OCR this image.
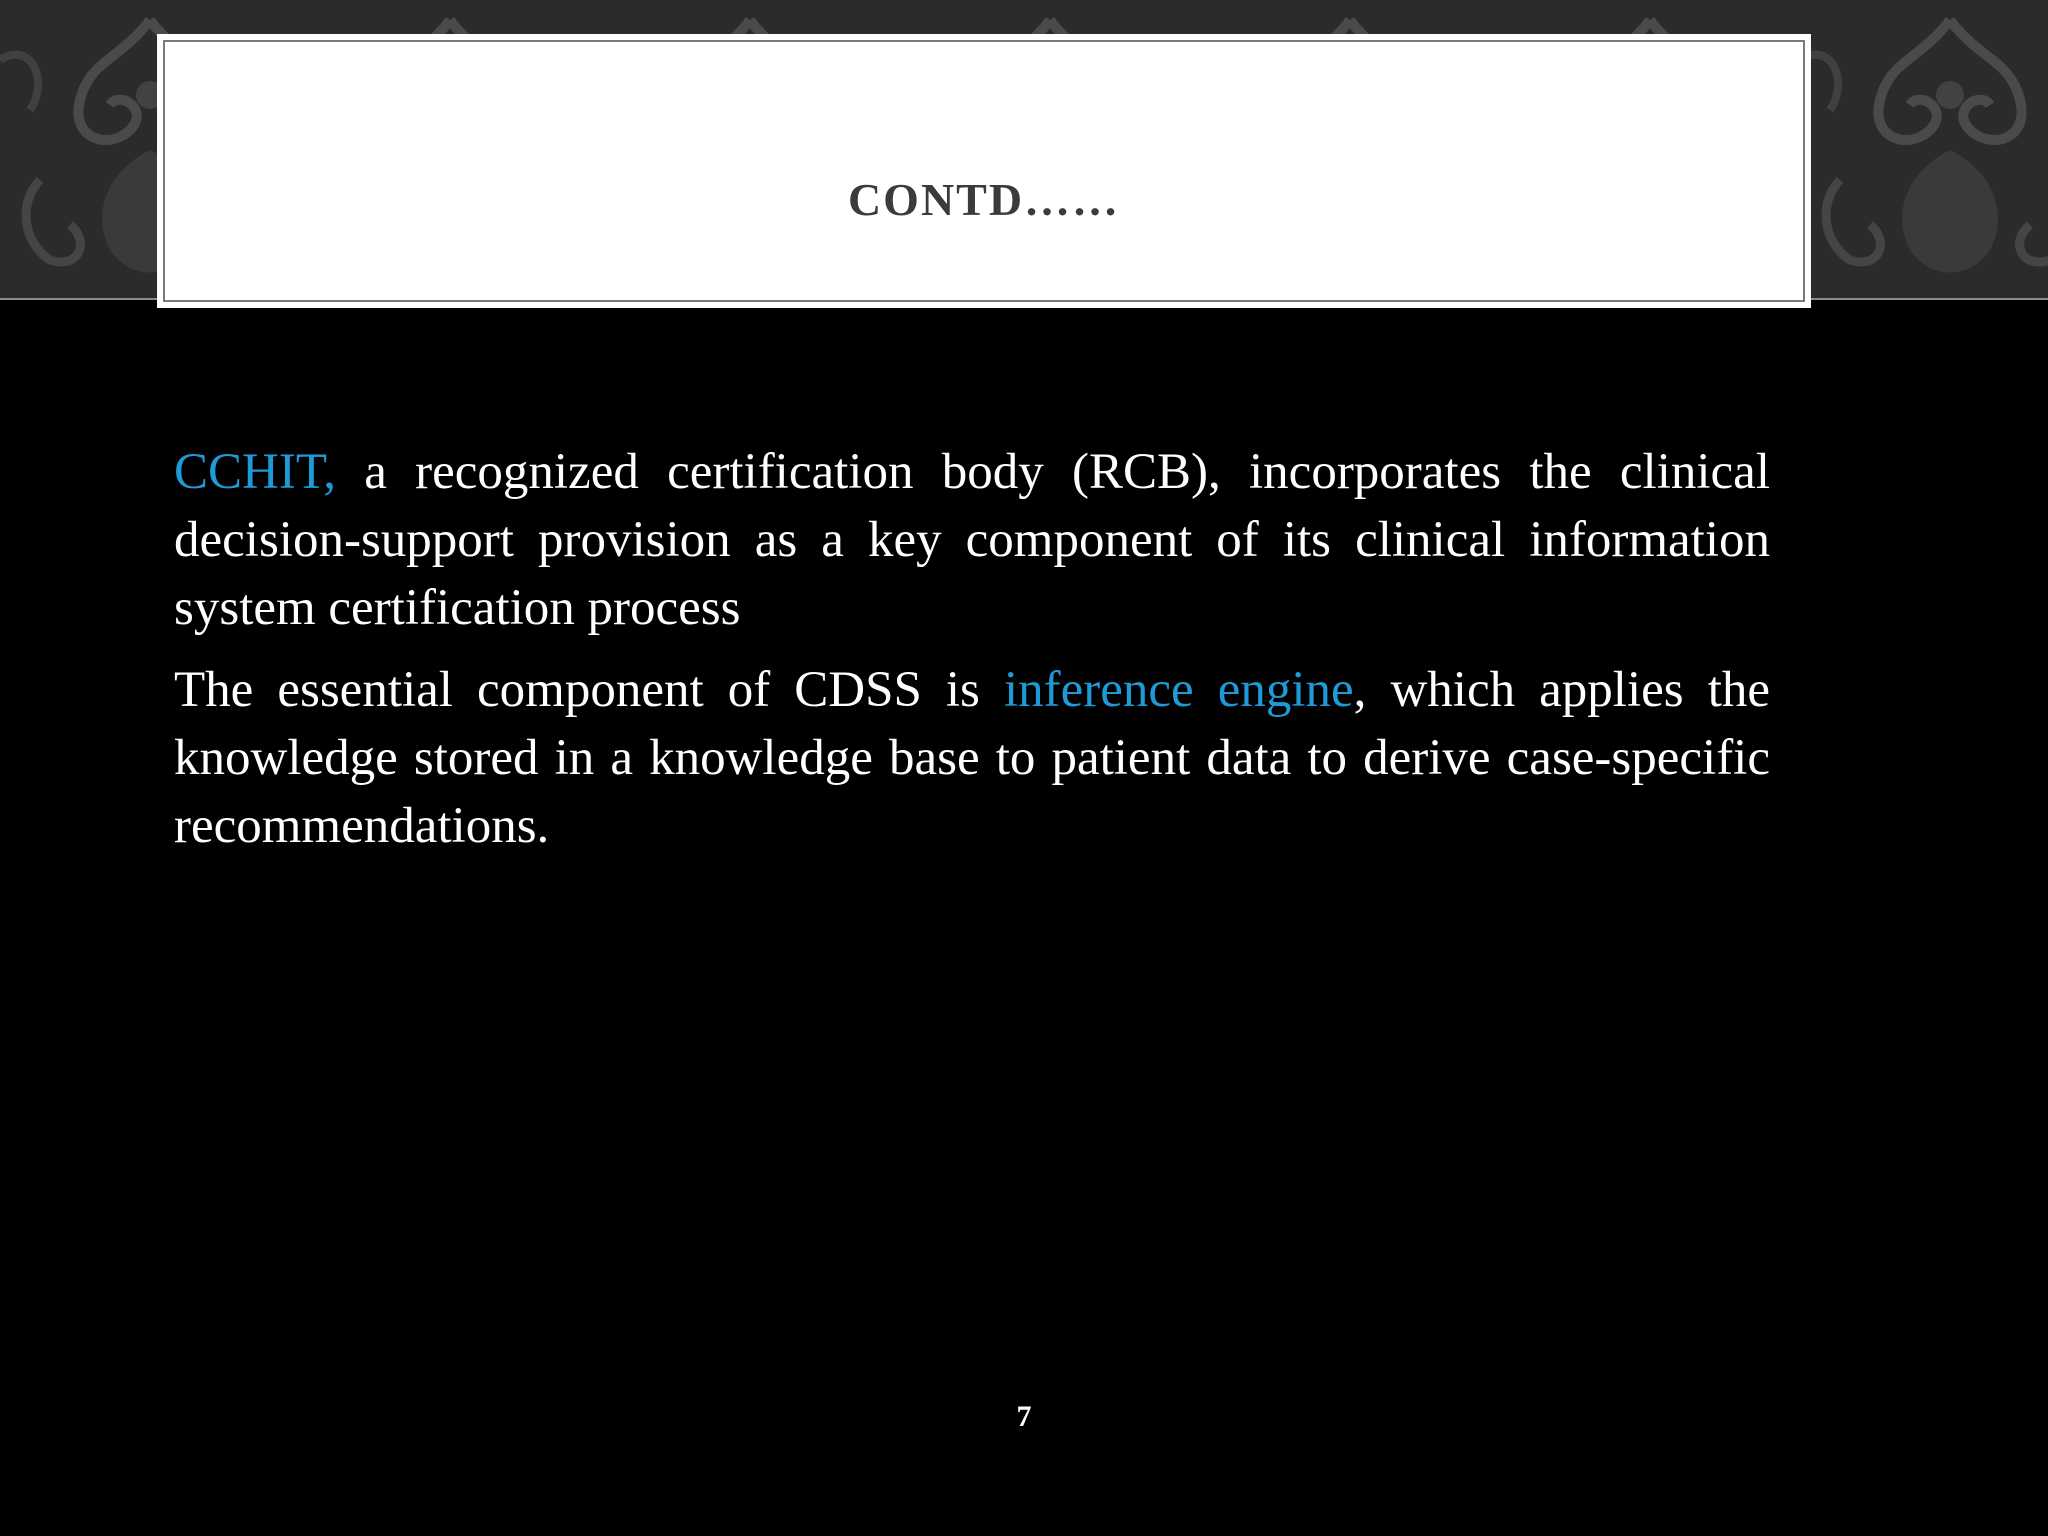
CONTD……

CCHIT, a recognized certification body (RCB), incorporates the clinical decision-support provision as a key component of its clinical information system certification process

The essential component of CDSS is inference engine, which applies the knowledge stored in a knowledge base to patient data to derive case-specific recommendations.

7
